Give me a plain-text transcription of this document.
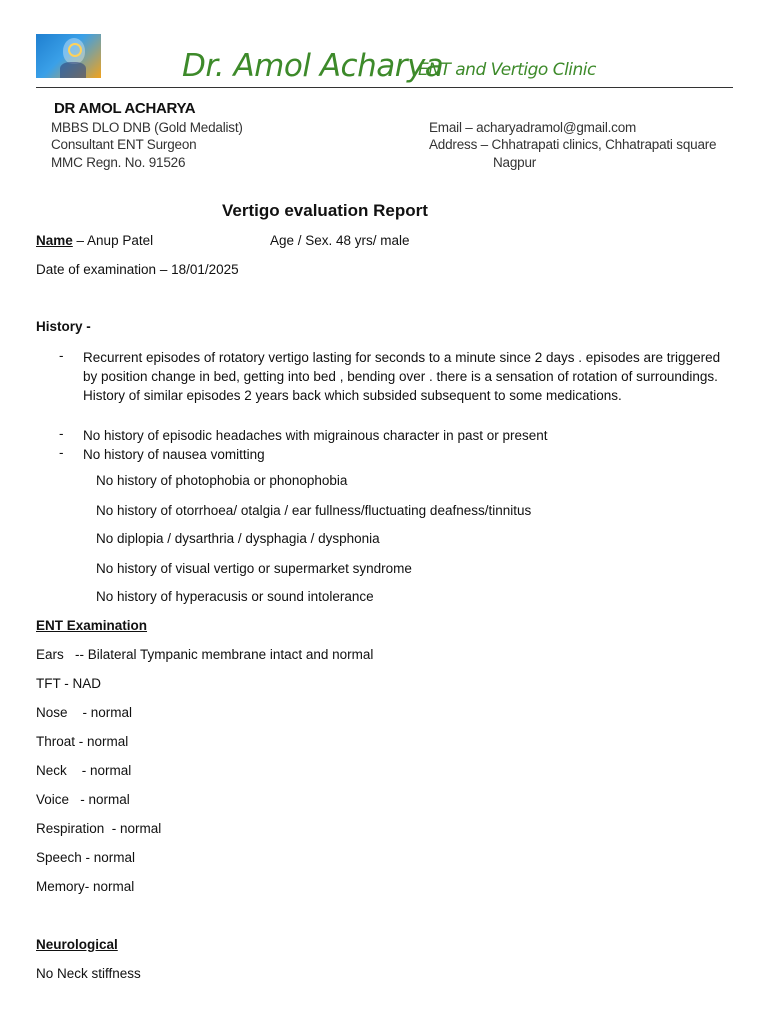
Dr. Amol Acharya
ENT and Vertigo Clinic
DR AMOL ACHARYA
MBBS DLO DNB (Gold Medalist)
Consultant ENT Surgeon
MMC Regn. No. 91526
Email – acharyadramol@gmail.com
Address – Chhatrapati clinics, Chhatrapati square
Nagpur
Vertigo evaluation Report
Name – Anup Patel	Age / Sex. 48 yrs/ male
Date of examination – 18/01/2025
History -
- Recurrent episodes of rotatory vertigo lasting for seconds to a minute since 2 days . episodes are triggered by position change in bed, getting into bed , bending over . there is a sensation of rotation of surroundings. History of similar episodes 2 years back which subsided subsequent to some medications.
- No history of episodic headaches with migrainous character in past or present
- No history of nausea vomitting
No history of photophobia or phonophobia
No history of otorrhoea/ otalgia / ear fullness/fluctuating deafness/tinnitus
No diplopia / dysarthria / dysphagia / dysphonia
No history of visual vertigo or supermarket syndrome
No history of hyperacusis or sound intolerance
ENT Examination
Ears   -- Bilateral Tympanic membrane intact and normal
TFT - NAD
Nose    - normal
Throat - normal
Neck    - normal
Voice   - normal
Respiration  - normal
Speech - normal
Memory- normal
Neurological
No Neck stiffness
